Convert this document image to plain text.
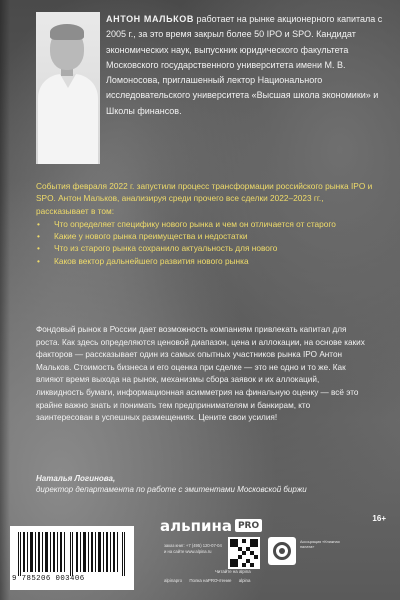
АНТОН МАЛЬКОВ работает на рынке акционерного капитала с 2005 г., за это время закрыл более 50 IPO и SPO. Кандидат экономических наук, выпускник юридического факультета Московского государственного университета имени М. В. Ломоносова, приглашенный лектор Национального исследовательского университета «Высшая школа экономики» и Школы финансов.

События февраля 2022 г. запустили процесс трансформации российского рынка IPO и SPO. Антон Мальков, анализируя среди прочего все сделки 2022–2023 гг., рассказывает в том:

• Что определяет специфику нового рынка и чем он отличается от старого
• Какие у нового рынка преимущества и недостатки
• Что из старого рынка сохранило актуальность для нового
• Каков вектор дальнейшего развития нового рынка

Фондовый рынок в России дает возможность компаниям привлекать капитал для роста. Как здесь определяются ценовой диапазон, цена и аллокации, на основе каких факторов — рассказывает один из самых опытных участников рынка IPO Антон Мальков. Стоимость бизнеса и его оценка при сделке — это не одно и то же. Как влияют время выхода на рынок, механизмы сбора заявок и их аллокаций, ликвидность бумаги, информационная асимметрия на финальную оценку — всё это крайне важно знать и понимать тем предпринимателям и банкирам, кто заинтересован в успешных размещениях. Цените свои усилия!

Наталья Логинова,
директор департамента по работе с эмитентами Московской биржи
16+
9 785206 003406
альпина PRO
заказ книг: +7 (495) 120-07-04
и на сайте www.alpina.ru
Читайте на alpina
Ассоциация «Книжная палата»
alpinapro Полка наPROчтение alpina
